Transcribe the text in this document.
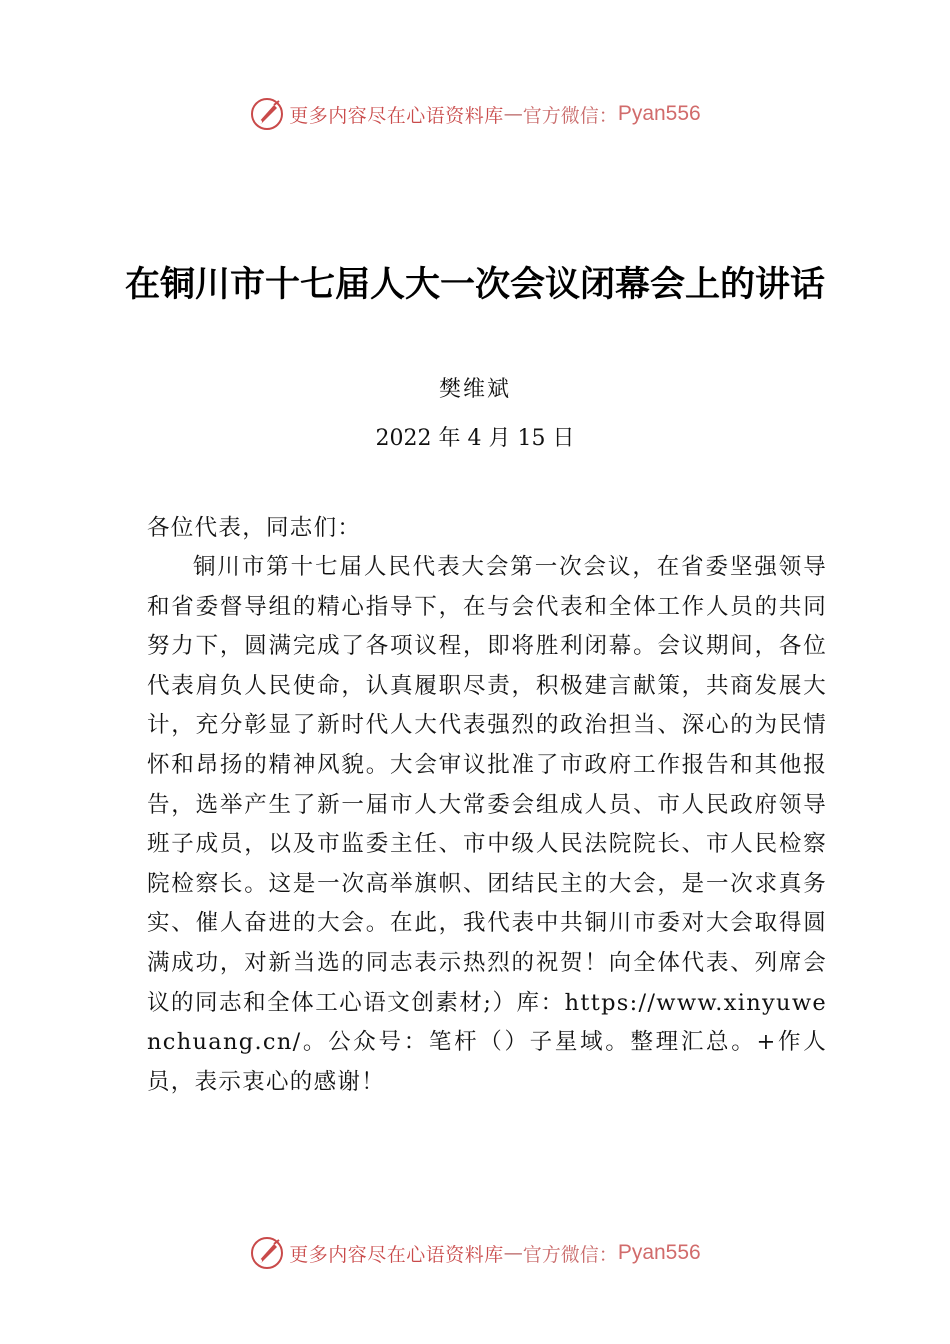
更多内容尽在心语资料库 — 官方微信： Pyan556
在铜川市十七届人大一次会议闭幕会上的讲话
樊维斌
2022 年 4 月 15 日
各位代表，同志们：

铜川市第十七届人民代表大会第一次会议，在省委坚强领导和省委督导组的精心指导下，在与会代表和全体工作人员的共同努力下，圆满完成了各项议程，即将胜利闭幕。会议期间，各位代表肩负人民使命，认真履职尽责，积极建言献策，共商发展大计，充分彰显了新时代人大代表强烈的政治担当、深心的为民情怀和昂扬的精神风貌。大会审议批准了市政府工作报告和其他报告，选举产生了新一届市人大常委会组成人员、市人民政府领导班子成员，以及市监委主任、市中级人民法院院长、市人民检察院检察长。这是一次高举旗帜、团结民主的大会，是一次求真务实、催人奋进的大会。在此，我代表中共铜川市委对大会取得圆满成功，对新当选的同志表示热烈的祝贺！向全体代表、列席会议的同志和全体工心语文创素材;）库：https://www.xinyuwenchuang.cn/。公众号：笔杆（）子星域。整理汇总。+作人员，表示衷心的感谢！

更多内容尽在心语资料库 — 官方微信： Pyan556
